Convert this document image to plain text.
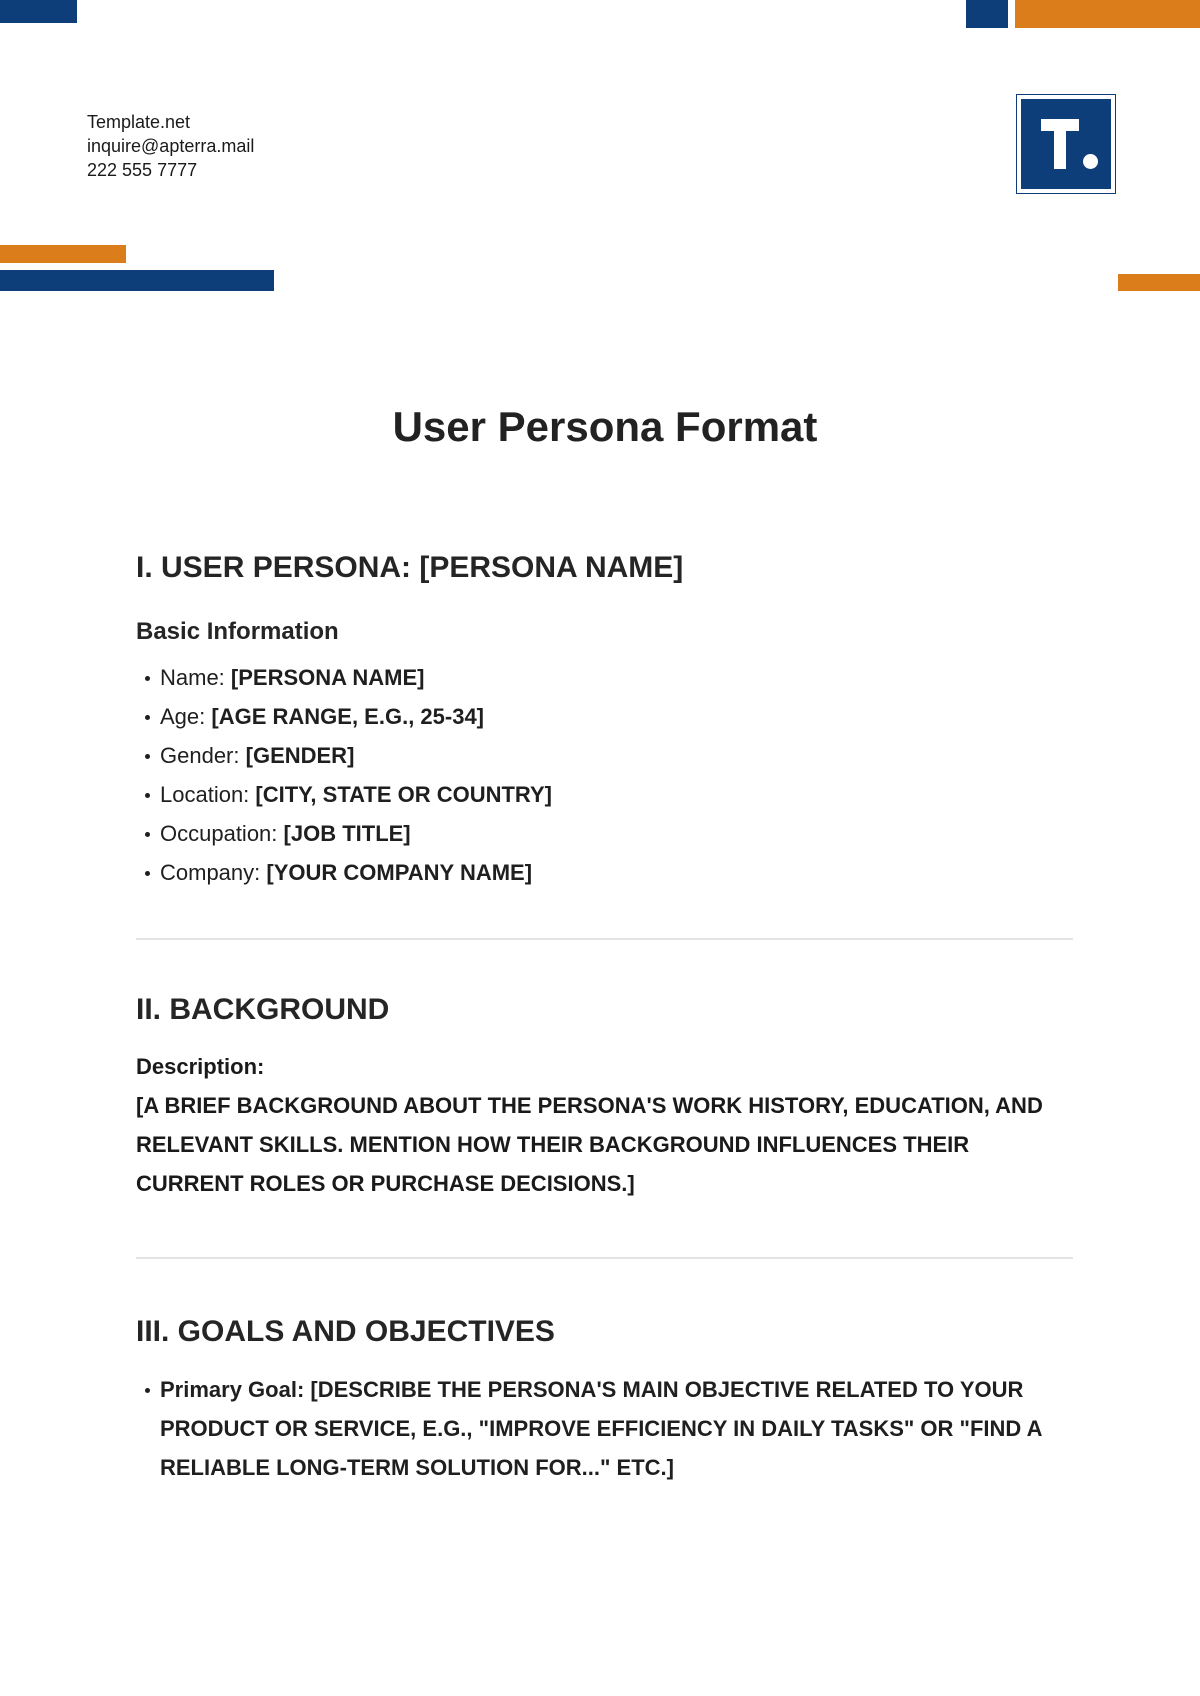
Template.net
inquire@apterra.mail
222 555 7777
User Persona Format
I. USER PERSONA: [PERSONA NAME]
Basic Information
Name: [PERSONA NAME]
Age: [AGE RANGE, E.G., 25-34]
Gender: [GENDER]
Location: [CITY, STATE OR COUNTRY]
Occupation: [JOB TITLE]
Company: [YOUR COMPANY NAME]
II. BACKGROUND

Description:

[A BRIEF BACKGROUND ABOUT THE PERSONA'S WORK HISTORY, EDUCATION, AND RELEVANT SKILLS. MENTION HOW THEIR BACKGROUND INFLUENCES THEIR CURRENT ROLES OR PURCHASE DECISIONS.]

III. GOALS AND OBJECTIVES
Primary Goal: [DESCRIBE THE PERSONA'S MAIN OBJECTIVE RELATED TO YOUR PRODUCT OR SERVICE, E.G., "IMPROVE EFFICIENCY IN DAILY TASKS" OR "FIND A RELIABLE LONG-TERM SOLUTION FOR..." ETC.]
